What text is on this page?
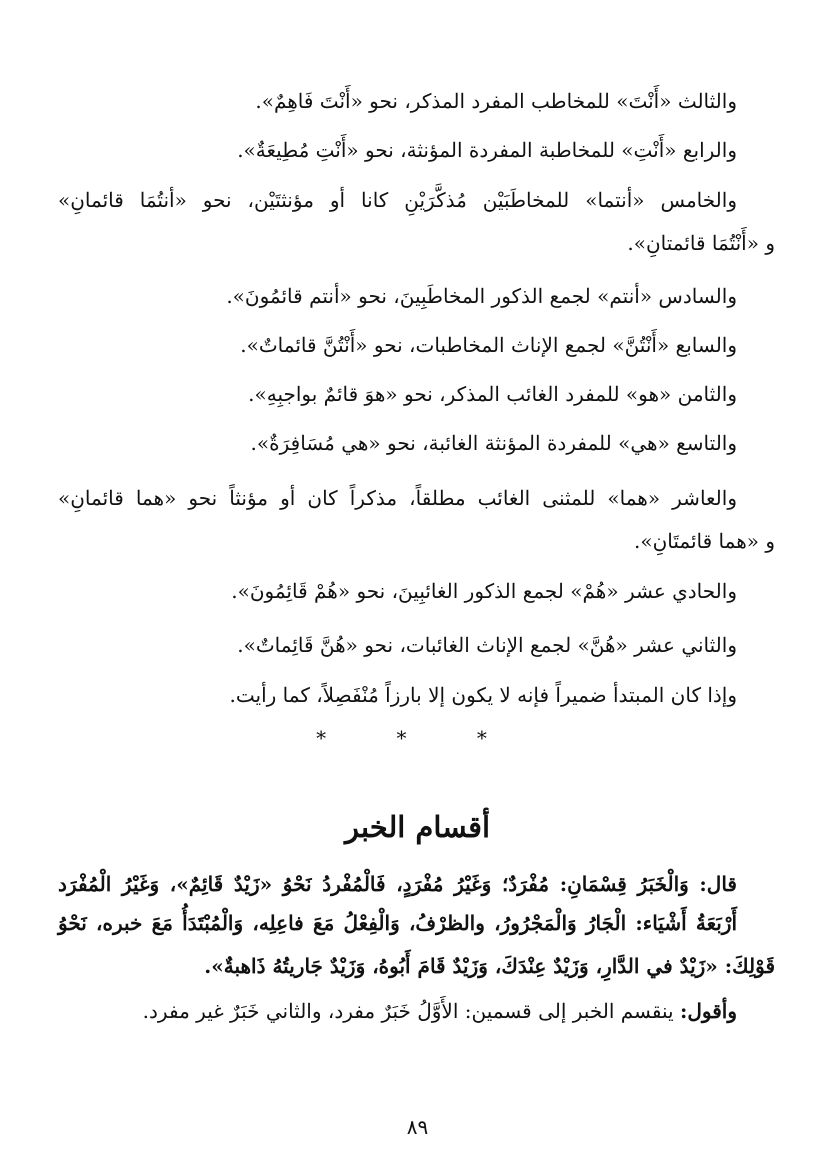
والثالث «أَنْتَ» للمخاطب المفرد المذكر، نحو «أَنْتَ فَاهِمٌ».
والرابع «أَنْتِ» للمخاطبة المفردة المؤنثة، نحو «أَنْتِ مُطِيعَةٌ».
والخامس «أنتما» للمخاطَبَيْن مُذكَّرَيْنِ كانا أو مؤنثتَيْن، نحو «أنتُمَا قائمانِ»
و «أَنْتُمَا قائمتانِ».
والسادس «أنتم» لجمع الذكور المخاطَبِينَ، نحو «أنتم قائمُونَ».
والسابع «أَنْتُنَّ» لجمع الإناث المخاطبات، نحو «أَنْتُنَّ قائماتٌ».
والثامن «هو» للمفرد الغائب المذكر، نحو «هوَ قائمٌ بواجبِهِ».
والتاسع «هي» للمفردة المؤنثة الغائبة، نحو «هي مُسَافِرَةٌ».
والعاشر «هما» للمثنى الغائب مطلقاً، مذكراً كان أو مؤنثاً نحو «هما قائمانِ»
و «هما قائمتَانِ».
والحادي عشر «هُمْ» لجمع الذكور الغائبِينَ، نحو «هُمْ قَائِمُونَ».
والثاني عشر «هُنَّ» لجمع الإناث الغائبات، نحو «هُنَّ قَائِماتٌ».
وإذا كان المبتدأ ضميراً فإنه لا يكون إلا بارزاً مُنْفَصِلاً، كما رأيت.
* * *
أقسام الخبر
قال: وَالْخَبَرُ قِسْمَانِ: مُفْرَدٌ؛ وَغَيْرُ مُفْرَدٍ، فَالْمُفْردُ نَحْوُ «زَيْدٌ قَائِمٌ»، وَغَيْرُ الْمُفْرَد
أَرْبَعَةُ أَشْيَاء: الْجَارُ وَالْمَجْرُورُ، والظرْفُ، وَالْفِعْلُ مَعَ فاعِلِه، وَالْمُبْتَدَأُ مَعَ خبره، نَحْوُ
قَوْلِكَ: «زَيْدٌ في الدَّارِ، وَزَيْدٌ عِنْدَكَ، وَزَيْدٌ قَامَ أَبُوهُ، وَزَيْدٌ جَاريتُهُ ذَاهبةٌ».
وأقول: ينقسم الخبر إلى قسمين: الأَوَّلُ خَبَرٌ مفرد، والثاني خَبَرٌ غير مفرد.
٨٩
